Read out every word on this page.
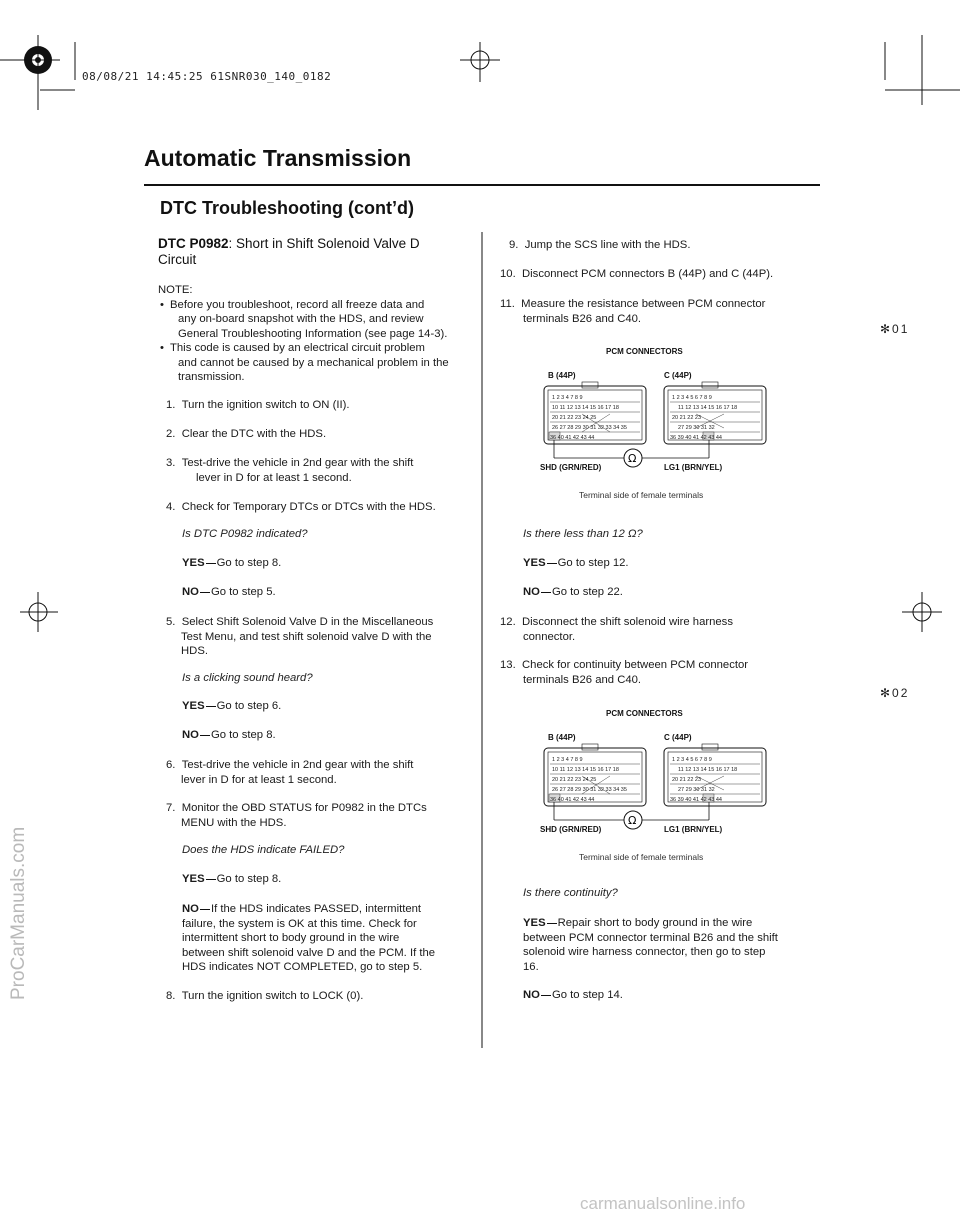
08/08/21 14:45:25 61SNR030_140_0182
Automatic Transmission
DTC Troubleshooting (cont’d)
DTC P0982: Short in Shift Solenoid Valve D
Circuit
NOTE:
• Before you troubleshoot, record all freeze data and
any on-board snapshot with the HDS, and review
General Troubleshooting Information (see page 14-3).
• This code is caused by an electrical circuit problem
and cannot be caused by a mechanical problem in the
transmission.
1. Turn the ignition switch to ON (II).
2. Clear the DTC with the HDS.
3. Test-drive the vehicle in 2nd gear with the shift
lever in D for at least 1 second.
4. Check for Temporary DTCs or DTCs with the HDS.
Is DTC P0982 indicated?
YES Go to step 8.
NO Go to step 5.
5. Select Shift Solenoid Valve D in the Miscellaneous
Test Menu, and test shift solenoid valve D with the
HDS.
Is a clicking sound heard?
YES Go to step 6.
NO Go to step 8.
6. Test-drive the vehicle in 2nd gear with the shift
lever in D for at least 1 second.
7. Monitor the OBD STATUS for P0982 in the DTCs
MENU with the HDS.
Does the HDS indicate FAILED?
YES Go to step 8.
NO If the HDS indicates PASSED, intermittent
failure, the system is OK at this time. Check for
intermittent short to body ground in the wire
between shift solenoid valve D and the PCM. If the
HDS indicates NOT COMPLETED, go to step 5.
8. Turn the ignition switch to LOCK (0).
9. Jump the SCS line with the HDS.
10. Disconnect PCM connectors B (44P) and C (44P).
11. Measure the resistance between PCM connector
terminals B26 and C40.
✻01
PCM CONNECTORS
B (44P)	C (44P)
1 2 3 4 7 8 9
10 11 12 13 14 15 16 17 18
20 21 22 23 24 25
26 27 28 29 30 31 32 33 34 35
36 40 41 42 43 44
1 2 3 4 5 6 7 8 9
11 12 13 14 15 16 17 18
20 21 22 23
27 29 30 31 32
36 39 40 41 42 43 44
Ω
SHD (GRN/RED)	LG1 (BRN/YEL)
Terminal side of female terminals
Is there less than 12 Ω?
YES Go to step 12.
NO Go to step 22.
12. Disconnect the shift solenoid wire harness
connector.
13. Check for continuity between PCM connector
terminals B26 and C40.
✻02
PCM CONNECTORS
B (44P)	C (44P)
1 2 3 4 7 8 9
10 11 12 13 14 15 16 17 18
20 21 22 23 24 25
26 27 28 29 30 31 32 33 34 35
36 40 41 42 43 44
1 2 3 4 5 6 7 8 9
11 12 13 14 15 16 17 18
20 21 22 23
27 29 30 31 32
36 39 40 41 42 43 44
Ω
SHD (GRN/RED)	LG1 (BRN/YEL)
Terminal side of female terminals
Is there continuity?
YES Repair short to body ground in the wire
between PCM connector terminal B26 and the shift
solenoid wire harness connector, then go to step
16.
NO Go to step 14.
ProCarManuals.com
carmanualsonline.info
